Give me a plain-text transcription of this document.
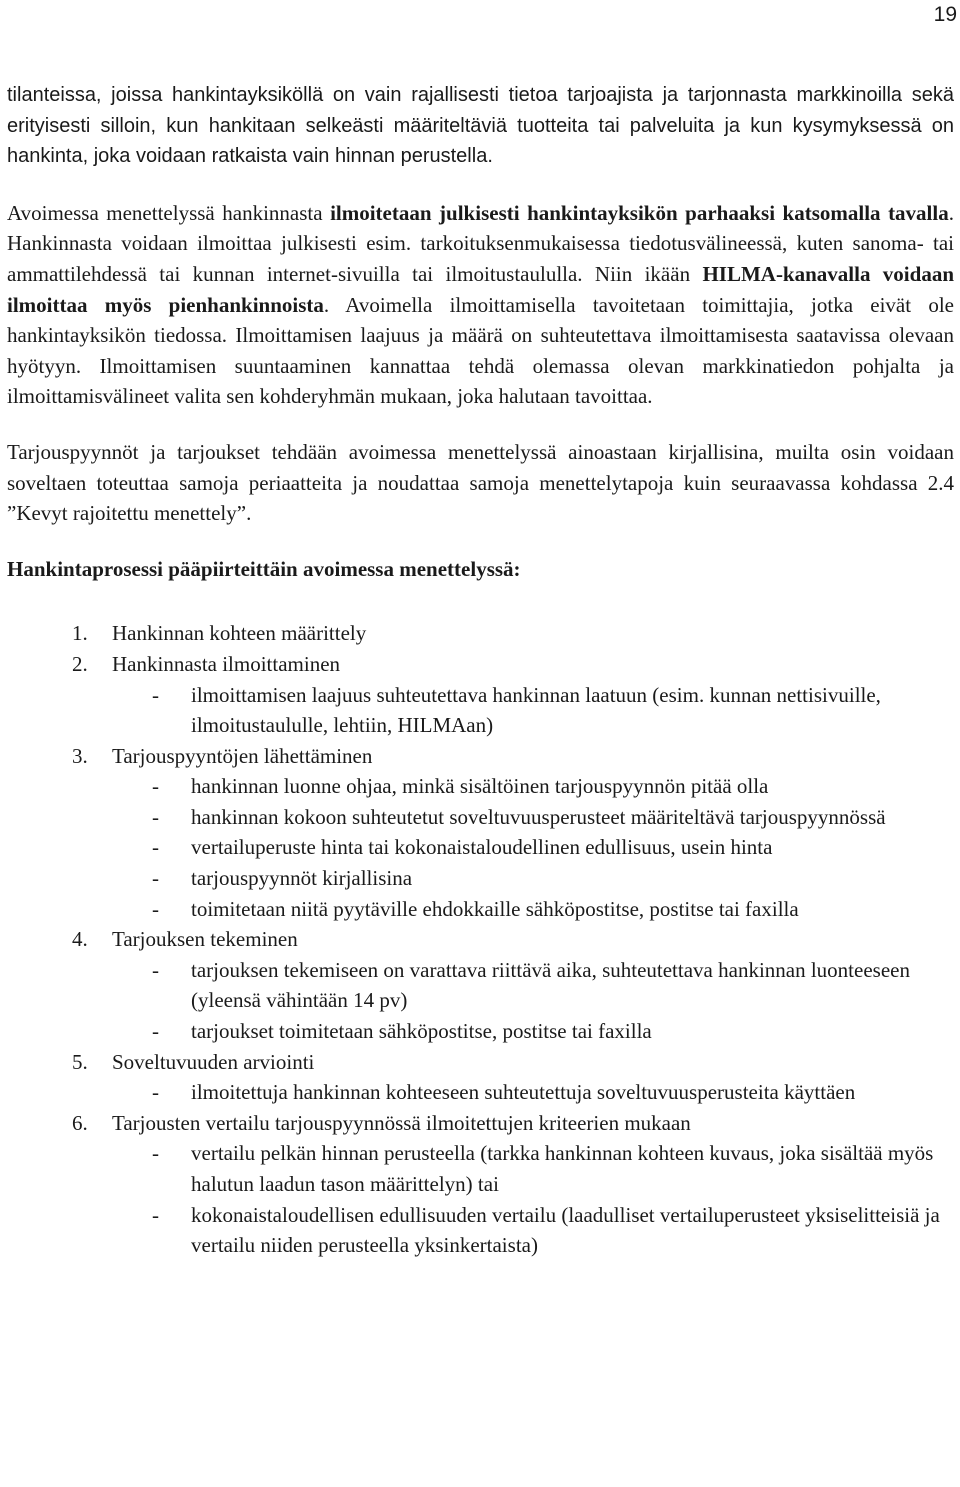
19

tilanteissa, joissa hankintayksiköllä on vain rajallisesti tietoa tarjoajista ja tarjonnasta markkinoilla sekä erityisesti silloin, kun hankitaan selkeästi määriteltäviä tuotteita tai palveluita ja kun kysymyksessä on hankinta, joka voidaan ratkaista vain hinnan perustella.

Avoimessa menettelyssä hankinnasta ilmoitetaan julkisesti hankintayksikön parhaaksi katsomalla tavalla. Hankinnasta voidaan ilmoittaa julkisesti esim. tarkoituksenmukaisessa tiedotusvälineessä, kuten sanoma- tai ammattilehdessä tai kunnan internet-sivuilla tai ilmoitustaululla. Niin ikään HILMA-kanavalla voidaan ilmoittaa myös pienhankinnoista. Avoimella ilmoittamisella tavoitetaan toimittajia, jotka eivät ole hankintayksikön tiedossa. Ilmoittamisen laajuus ja määrä on suhteutettava ilmoittamisesta saatavissa olevaan hyötyyn. Ilmoittamisen suuntaaminen kannattaa tehdä olemassa olevan markkinatiedon pohjalta ja ilmoittamisvälineet valita sen kohderyhmän mukaan, joka halutaan tavoittaa.

Tarjouspyynnöt ja tarjoukset tehdään avoimessa menettelyssä ainoastaan kirjallisina, muilta osin voidaan soveltaen toteuttaa samoja periaatteita ja noudattaa samoja menettelytapoja kuin seuraavassa kohdassa 2.4 ”Kevyt rajoitettu menettely”.

Hankintaprosessi pääpiirteittäin avoimessa menettelyssä:

1. Hankinnan kohteen määrittely
2. Hankinnasta ilmoittaminen
- ilmoittamisen laajuus suhteutettava hankinnan laatuun (esim. kunnan nettisivuille, ilmoitustaululle, lehtiin, HILMAan)
3. Tarjouspyyntöjen lähettäminen
- hankinnan luonne ohjaa, minkä sisältöinen tarjouspyynnön pitää olla
- hankinnan kokoon suhteutetut soveltuvuusperusteet määriteltävä tarjouspyynnössä
- vertailuperuste hinta tai kokonaistaloudellinen edullisuus, usein hinta
- tarjouspyynnöt kirjallisina
- toimitetaan niitä pyytäville ehdokkaille sähköpostitse, postitse tai faxilla
4. Tarjouksen tekeminen
- tarjouksen tekemiseen on varattava riittävä aika, suhteutettava hankinnan luonteeseen (yleensä vähintään 14 pv)
- tarjoukset toimitetaan sähköpostitse, postitse tai faxilla
5. Soveltuvuuden arviointi
- ilmoitettuja hankinnan kohteeseen suhteutettuja soveltuvuusperusteita käyttäen
6. Tarjousten vertailu tarjouspyynnössä ilmoitettujen kriteerien mukaan
- vertailu pelkän hinnan perusteella (tarkka hankinnan kohteen kuvaus, joka sisältää myös halutun laadun tason määrittelyn) tai
- kokonaistaloudellisen edullisuuden vertailu (laadulliset vertailuperusteet yksiselitteisiä ja vertailu niiden perusteella yksinkertaista)
